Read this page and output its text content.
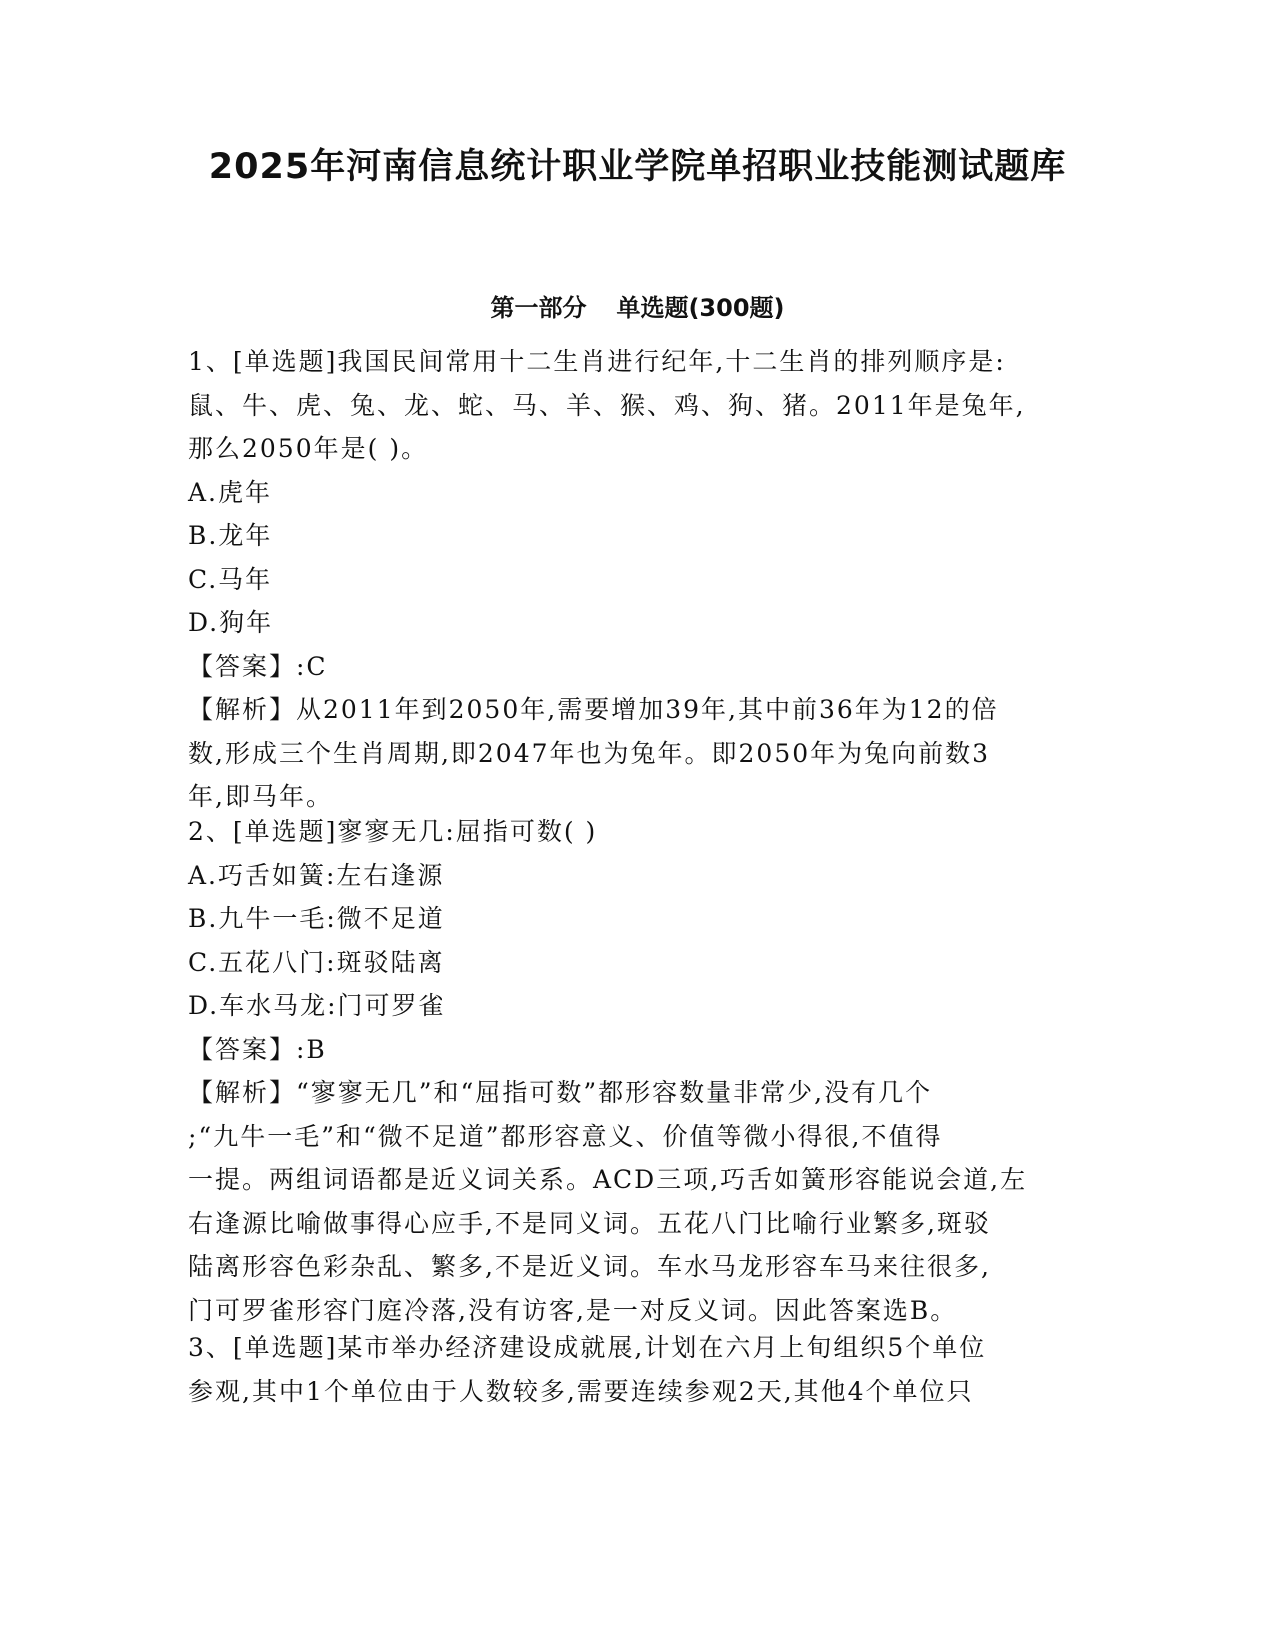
2025年河南信息统计职业学院单招职业技能测试题库
第一部分 单选题(300题)
1、[单选题]我国民间常用十二生肖进行纪年,十二生肖的排列顺序是:
鼠、牛、虎、兔、龙、蛇、马、羊、猴、鸡、狗、猪。2011年是兔年,
那么2050年是( )。
A.虎年
B.龙年
C.马年
D.狗年
【答案】:C
【解析】从2011年到2050年,需要增加39年,其中前36年为12的倍
数,形成三个生肖周期,即2047年也为兔年。即2050年为兔向前数3
年,即马年。
2、[单选题]寥寥无几:屈指可数( )
A.巧舌如簧:左右逢源
B.九牛一毛:微不足道
C.五花八门:斑驳陆离
D.车水马龙:门可罗雀
【答案】:B
【解析】“寥寥无几”和“屈指可数”都形容数量非常少,没有几个
;“九牛一毛”和“微不足道”都形容意义、价值等微小得很,不值得
一提。两组词语都是近义词关系。ACD三项,巧舌如簧形容能说会道,左
右逢源比喻做事得心应手,不是同义词。五花八门比喻行业繁多,斑驳
陆离形容色彩杂乱、繁多,不是近义词。车水马龙形容车马来往很多,
门可罗雀形容门庭冷落,没有访客,是一对反义词。因此答案选B。
3、[单选题]某市举办经济建设成就展,计划在六月上旬组织5个单位
参观,其中1个单位由于人数较多,需要连续参观2天,其他4个单位只
